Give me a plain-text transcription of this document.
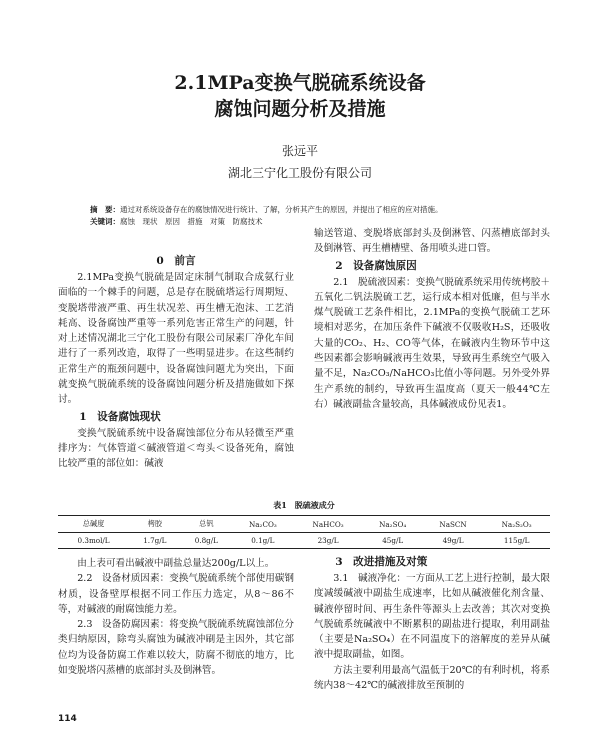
2.1MPa变换气脱硫系统设备
腐蚀问题分析及措施
张远平
湖北三宁化工股份有限公司
摘　要：通过对系统设备存在的腐蚀情况进行统计、了解，分析其产生的原因，并提出了相应的应对措施。
关键词：腐蚀　现状　原因　措施　对策　防腐技术
0　前言

2.1MPa变换气脱硫是固定床制气制取合成氨行业面临的一个棘手的问题，总是存在脱硫塔运行周期短、变脱塔带液严重、再生状况差、再生槽无泡沫、工艺消耗高、设备腐蚀严重等一系列危害正常生产的问题，针对上述情况湖北三宁化工股份有限公司尿素厂净化车间进行了一系列改造，取得了一些明显进步。在这些制约正常生产的瓶颈问题中，设备腐蚀问题尤为突出，下面就变换气脱硫系统的设备腐蚀问题分析及措施做如下探讨。

1　设备腐蚀现状

变换气脱硫系统中设备腐蚀部位分布从轻微至严重排序为：气体管道＜碱液管道＜弯头＜设备死角，腐蚀比较严重的部位如：碱液

输送管道、变脱塔底部封头及倒淋管、闪蒸槽底部封头及倒淋管、再生槽槽壁、备用喷头进口管。

2　设备腐蚀原因

2.1　脱硫液因素：变换气脱硫系统采用传统栲胶＋五氧化二钒法脱硫工艺，运行成本相对低廉，但与半水煤气脱硫工艺条件相比，2.1MPa的变换气脱硫工艺环境相对恶劣，在加压条件下碱液不仅吸收H₂S，还吸收大量的CO₂、H₂、CO等气体，在碱液内生物环节中这些因素都会影响碱液再生效果，导致再生系统空气吸入量不足，Na₂CO₃/NaHCO₃比值小等问题。另外受外界生产系统的制约，导致再生温度高（夏天一般44℃左右）碱液副盐含量较高，具体碱液成份见表1。

表1　脱硫液成分
总碱度	栲胶	总钒	Na₂CO₃	NaHCO₃	Na₂SO₄	NaSCN	Na₂S₂O₃
0.3mol/L	1.7g/L	0.8g/L	0.1g/L	23g/L	45g/L	49g/L	115g/L

由上表可看出碱液中副盐总量达200g/L以上。

2.2　设备材质因素：变换气脱硫系统个部使用碳钢材质，设备壁厚根据不同工作压力选定，从8～86不等，对碱液的耐腐蚀能力差。

2.3　设备防腐因素：将变换气脱硫系统腐蚀部位分类归纳原因，除弯头腐蚀为碱液冲刷是主因外，其它部位均为设备防腐工作难以较大，防腐不彻底的地方，比如变脱塔闪蒸槽的底部封头及倒淋管。

3　改进措施及对策

3.1　碱液净化：一方面从工艺上进行控制，最大限度减缓碱液中副盐生成速率，比如从碱液催化剂含量、碱液停留时间、再生条件等源头上去改善；其次对变换气脱硫系统碱液中不断累积的副盐进行提取，利用副盐（主要是Na₂SO₄）在不同温度下的溶解度的差异从碱液中提取副盐，如图。

方法主要利用最高气温低于20℃的有利时机，将系统内38～42℃的碱液排放至预制的

114
